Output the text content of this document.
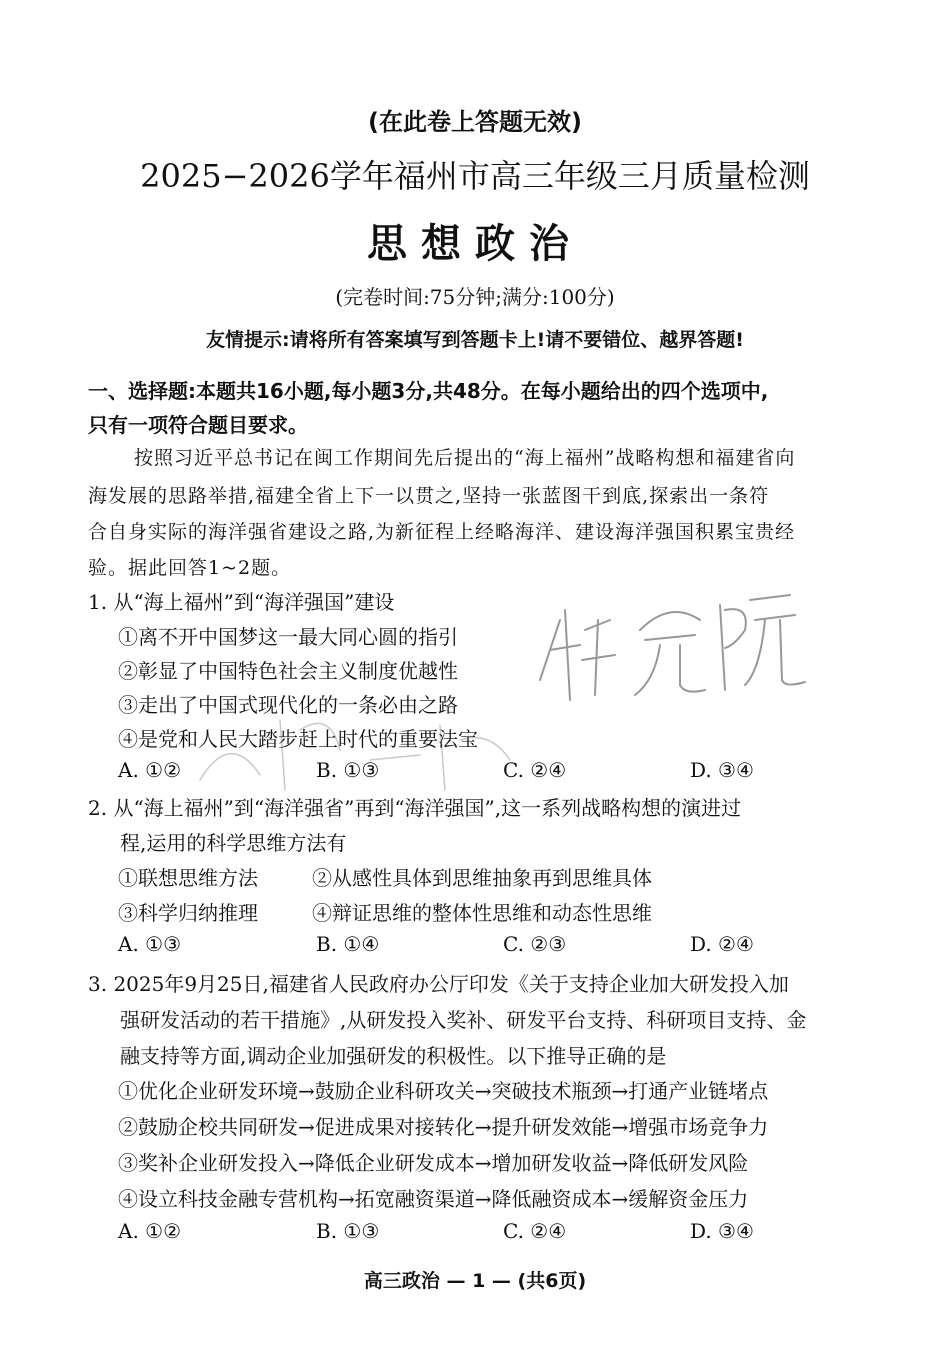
(在此卷上答题无效)
2025−2026学年福州市高三年级三月质量检测
思想政治
(完卷时间:75分钟;满分:100分)
友情提示:请将所有答案填写到答题卡上!请不要错位、越界答题!
一、选择题:本题共16小题,每小题3分,共48分。在每小题给出的四个选项中,
只有一项符合题目要求。
按照习近平总书记在闽工作期间先后提出的“海上福州”战略构想和福建省向
海发展的思路举措,福建全省上下一以贯之,坚持一张蓝图干到底,探索出一条符
合自身实际的海洋强省建设之路,为新征程上经略海洋、建设海洋强国积累宝贵经
验。据此回答1~2题。
1. 从“海上福州”到“海洋强国”建设
①离不开中国梦这一最大同心圆的指引
②彰显了中国特色社会主义制度优越性
③走出了中国式现代化的一条必由之路
④是党和人民大踏步赶上时代的重要法宝
A. ①②	B. ①③	C. ②④	D. ③④
2. 从“海上福州”到“海洋强省”再到“海洋强国”,这一系列战略构想的演进过
程,运用的科学思维方法有
①联想思维方法	②从感性具体到思维抽象再到思维具体
③科学归纳推理	④辩证思维的整体性思维和动态性思维
A. ①③	B. ①④	C. ②③	D. ②④
3. 2025年9月25日,福建省人民政府办公厅印发《关于支持企业加大研发投入加
强研发活动的若干措施》,从研发投入奖补、研发平台支持、科研项目支持、金
融支持等方面,调动企业加强研发的积极性。以下推导正确的是
①优化企业研发环境→鼓励企业科研攻关→突破技术瓶颈→打通产业链堵点
②鼓励企校共同研发→促进成果对接转化→提升研发效能→增强市场竞争力
③奖补企业研发投入→降低企业研发成本→增加研发收益→降低研发风险
④设立科技金融专营机构→拓宽融资渠道→降低融资成本→缓解资金压力
A. ①②	B. ①③	C. ②④	D. ③④
高三政治 — 1 — (共6页)
